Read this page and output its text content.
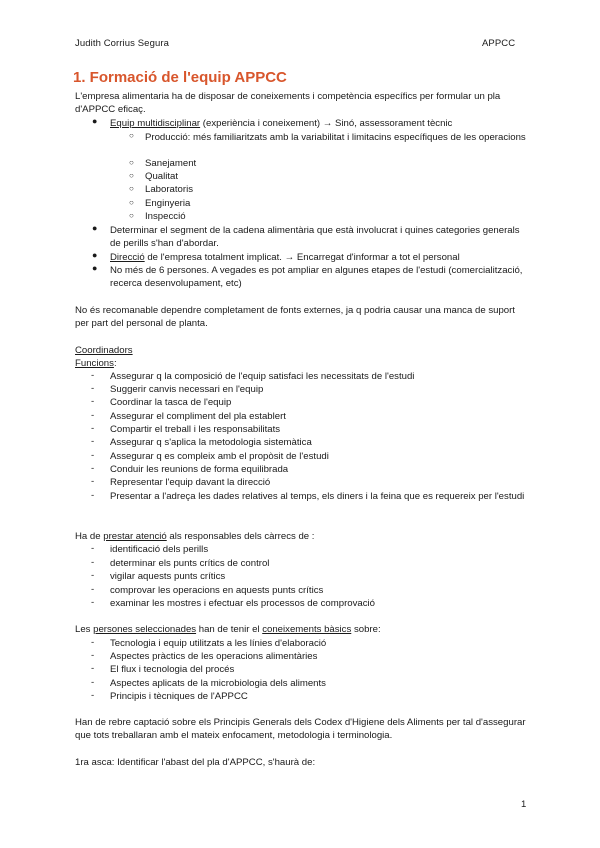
Judith Corrius Segura	APPCC
1. Formació de l'equip APPCC

L'empresa alimentaria ha de disposar de coneixements i competència específics per formular un pla d'APPCC eficaç.

● Equip multidisciplinar (experiència i coneixement) → Sinó, assessorament tècnic

○ Producció: més familiaritzats amb la variabilitat i limitacins específiques de les operacions

○ Sanejament

○ Qualitat

○ Laboratoris

○ Enginyeria

○ Inspecció

● Determinar el segment de la cadena alimentària que està involucrat i quines categories generals de perills s'han d'abordar.

● Direcció de l'empresa totalment implicat. → Encarregat d'informar a tot el personal

● No més de 6 persones. A vegades es pot ampliar en algunes etapes de l'estudi (comercialització, recerca desenvolupament, etc)

No és recomanable dependre completament de fonts externes, ja q podria causar una manca de suport per part del personal de planta.

Coordinadors

Funcions:

- Assegurar q la composició de l'equip satisfaci les necessitats de l'estudi

- Suggerir canvis necessari en l'equip

- Coordinar la tasca de l'equip

- Assegurar el compliment del pla establert

- Compartir el treball i les responsabilitats

- Assegurar q s'aplica la metodologia sistemàtica

- Assegurar q es compleix amb el propòsit de l'estudi

- Conduir les reunions de forma equilibrada

- Representar l'equip davant la direcció

- Presentar a l'adreça les dades relatives al temps, els diners i la feina que es requereix per l'estudi

Ha de prestar atenció als responsables dels càrrecs de :

- identificació dels perills

- determinar els punts crítics de control

- vigilar aquests punts crítics

- comprovar les operacions en aquests punts crítics

- examinar les mostres i efectuar els processos de comprovació

Les persones seleccionades han de tenir el coneixements bàsics sobre:

- Tecnologia i equip utilitzats a les línies d'elaboració

- Aspectes pràctics de les operacions alimentàries

- El flux i tecnologia del procés

- Aspectes aplicats de la microbiologia dels aliments

- Principis i tècniques de l'APPCC

Han de rebre captació sobre els Principis Generals dels Codex d'Higiene dels Aliments per tal d'assegurar que tots treballaran amb el mateix enfocament, metodologia i terminologia.

1ra asca: Identificar l'abast del pla d'APPCC, s'haurà de:

1
